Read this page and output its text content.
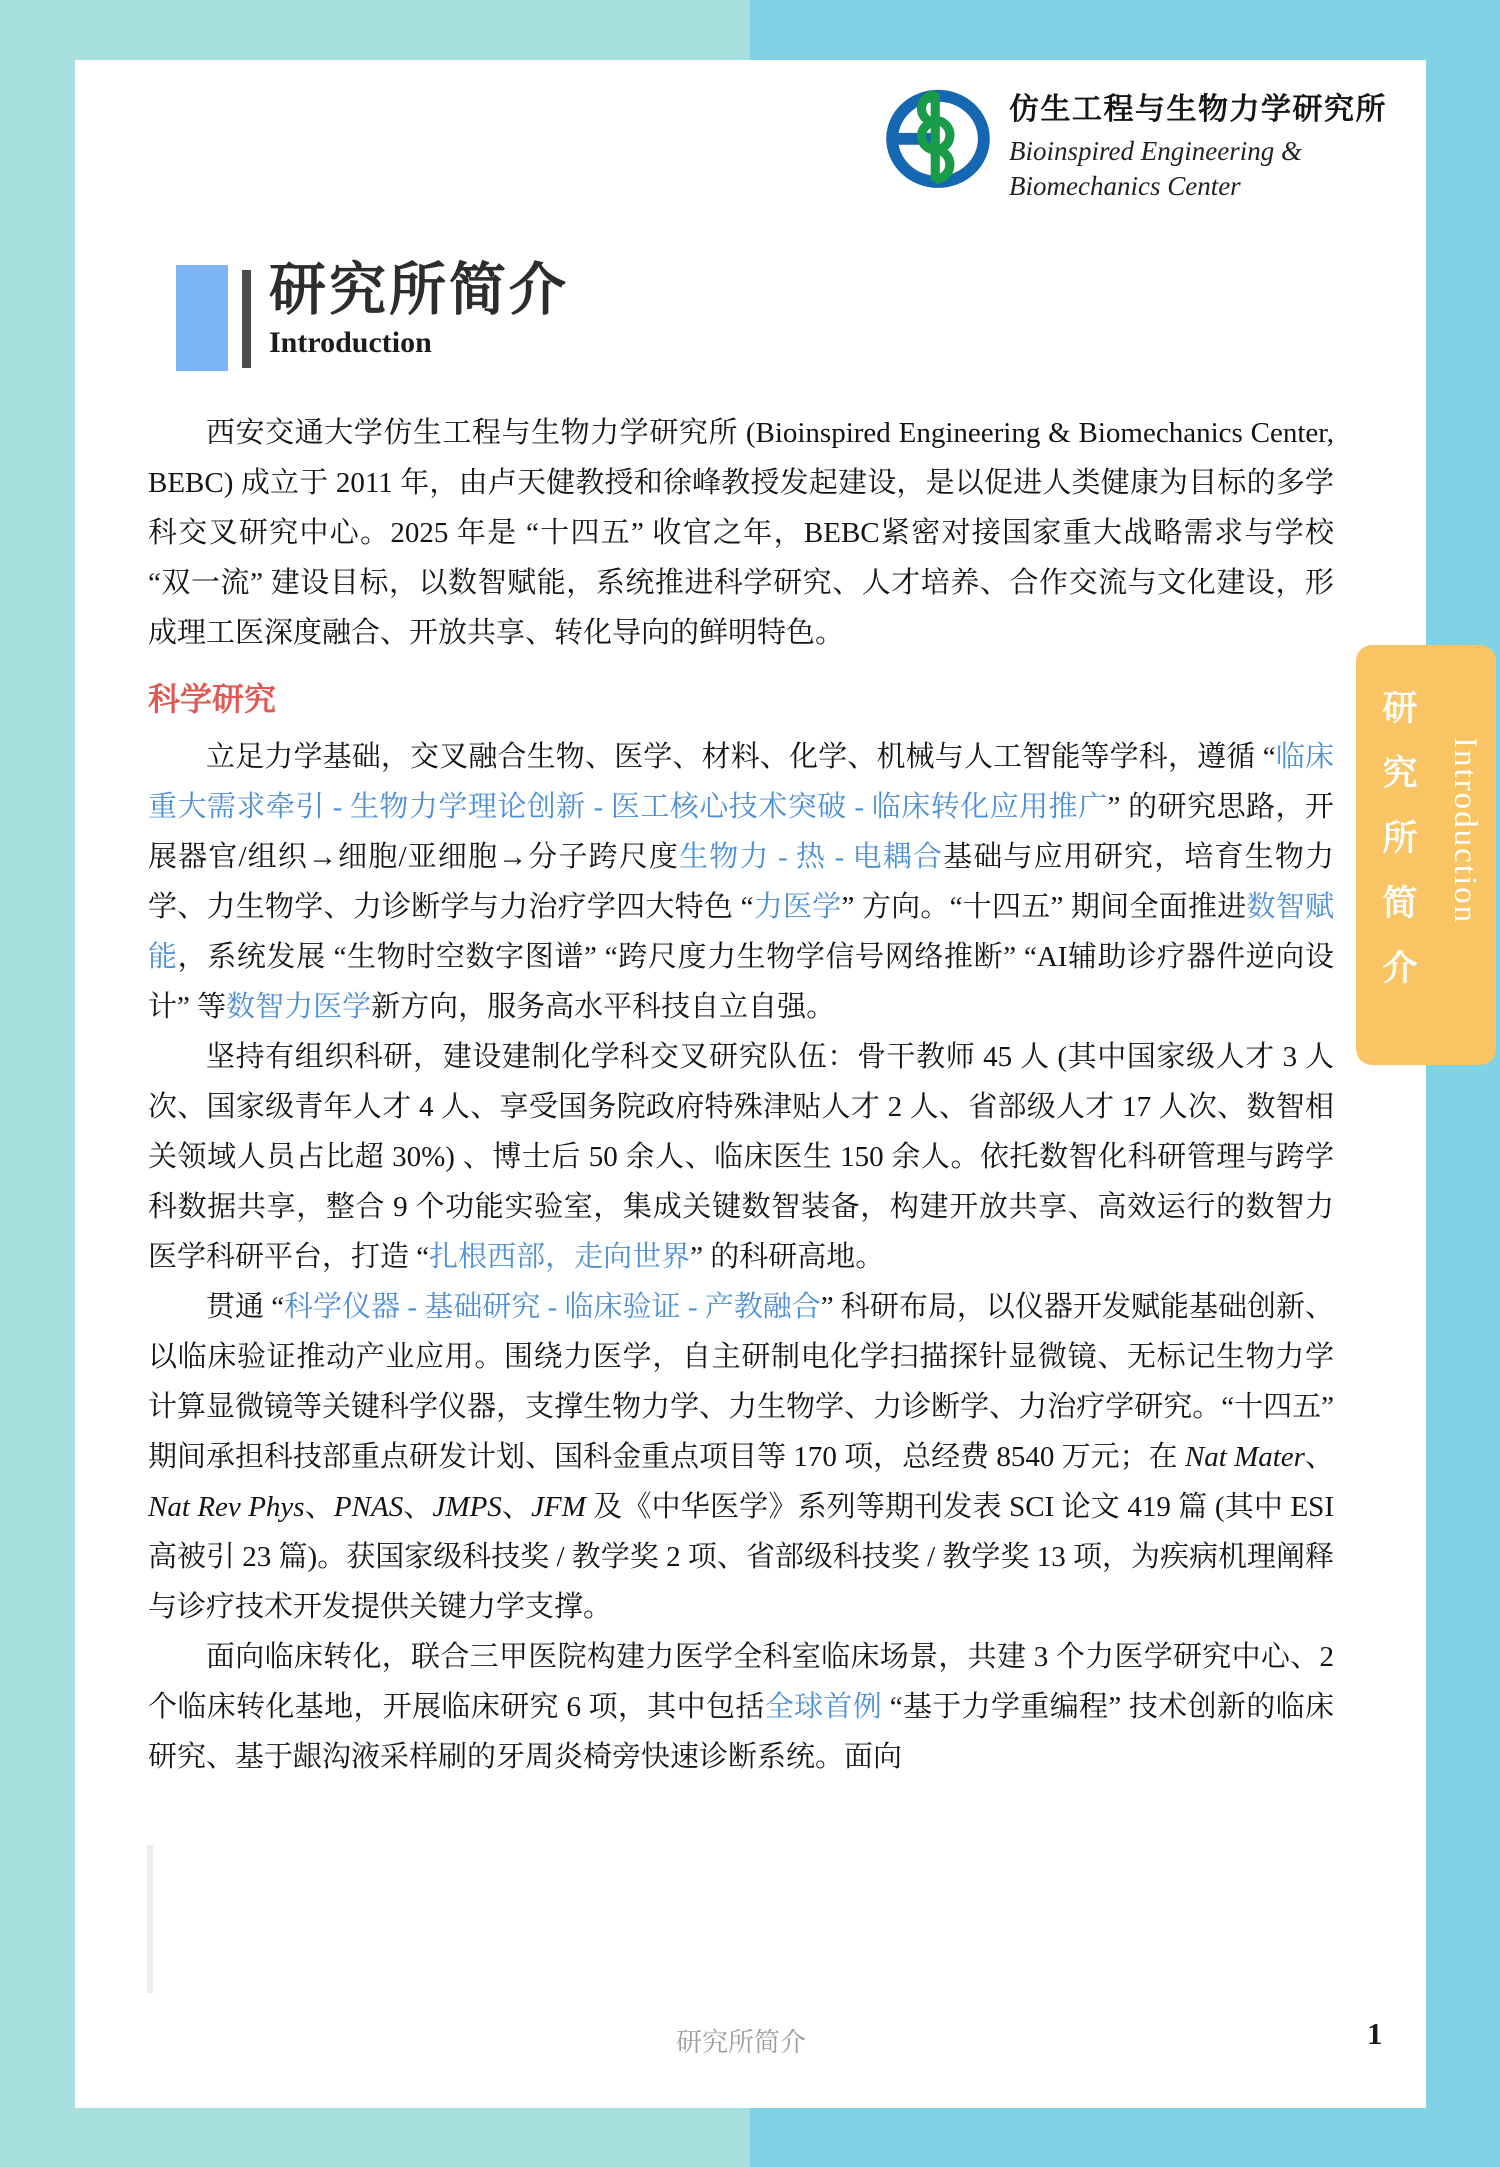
仿生工程与生物力学研究所
Bioinspired Engineering &
Biomechanics Center
研究所简介
Introduction

西安交通大学仿生工程与生物力学研究所 (Bioinspired Engineering & Biomechanics Center, BEBC) 成立于 2011 年，由卢天健教授和徐峰教授发起建设，是以促进人类健康为目标的多学科交叉研究中心。2025 年是 “十四五” 收官之年，BEBC紧密对接国家重大战略需求与学校 “双一流” 建设目标，以数智赋能，系统推进科学研究、人才培养、合作交流与文化建设，形成理工医深度融合、开放共享、转化导向的鲜明特色。

科学研究

立足力学基础，交叉融合生物、医学、材料、化学、机械与人工智能等学科，遵循 “临床重大需求牵引 - 生物力学理论创新 - 医工核心技术突破 - 临床转化应用推广” 的研究思路，开展器官/组织→细胞/亚细胞→分子跨尺度生物力 - 热 - 电耦合基础与应用研究，培育生物力学、力生物学、力诊断学与力治疗学四大特色 “力医学” 方向。“十四五” 期间全面推进数智赋能，系统发展 “生物时空数字图谱” “跨尺度力生物学信号网络推断” “AI辅助诊疗器件逆向设计” 等数智力医学新方向，服务高水平科技自立自强。

坚持有组织科研，建设建制化学科交叉研究队伍：骨干教师 45 人 (其中国家级人才 3 人次、国家级青年人才 4 人、享受国务院政府特殊津贴人才 2 人、省部级人才 17 人次、数智相关领域人员占比超 30%) 、博士后 50 余人、临床医生 150 余人。依托数智化科研管理与跨学科数据共享，整合 9 个功能实验室，集成关键数智装备，构建开放共享、高效运行的数智力医学科研平台，打造 “扎根西部，走向世界” 的科研高地。

贯通 “科学仪器 - 基础研究 - 临床验证 - 产教融合” 科研布局，以仪器开发赋能基础创新、以临床验证推动产业应用。围绕力医学，自主研制电化学扫描探针显微镜、无标记生物力学计算显微镜等关键科学仪器，支撑生物力学、力生物学、力诊断学、力治疗学研究。“十四五” 期间承担科技部重点研发计划、国科金重点项目等 170 项，总经费 8540 万元；在 Nat Mater、Nat Rev Phys、PNAS、JMPS、JFM 及《中华医学》系列等期刊发表 SCI 论文 419 篇 (其中 ESI 高被引 23 篇)。获国家级科技奖 / 教学奖 2 项、省部级科技奖 / 教学奖 13 项，为疾病机理阐释与诊疗技术开发提供关键力学支撑。

面向临床转化，联合三甲医院构建力医学全科室临床场景，共建 3 个力医学研究中心、2 个临床转化基地，开展临床研究 6 项，其中包括全球首例 “基于力学重编程” 技术创新的临床研究、基于龈沟液采样刷的牙周炎椅旁快速诊断系统。面向

研究所简介	1
研究所简介 Introduction
